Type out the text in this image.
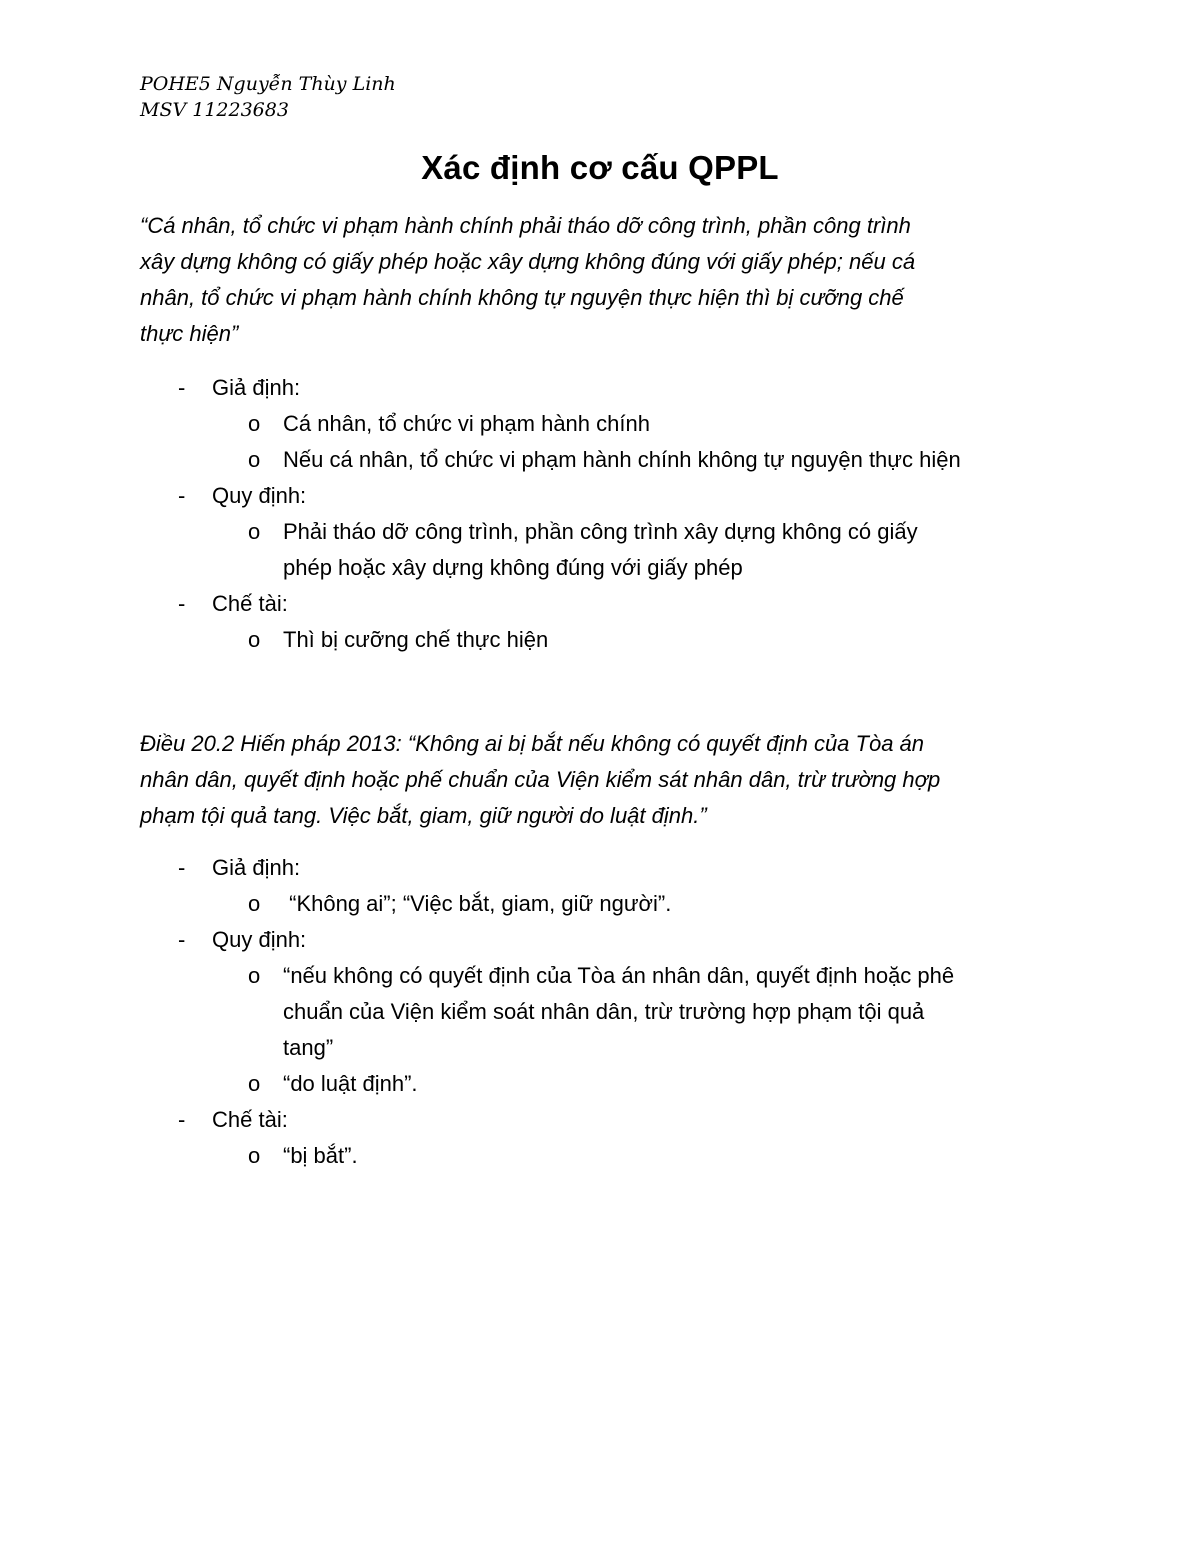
POHE5 Nguyễn Thùy Linh
MSV 11223683
Xác định cơ cấu QPPL

“Cá nhân, tổ chức vi phạm hành chính phải tháo dỡ công trình, phần công trình

xây dựng không có giấy phép hoặc xây dựng không đúng với giấy phép; nếu cá

nhân, tổ chức vi phạm hành chính không tự nguyện thực hiện thì bị cưỡng chế

thực hiện”

- Giả định:
o Cá nhân, tổ chức vi phạm hành chính
o Nếu cá nhân, tổ chức vi phạm hành chính không tự nguyện thực hiện
- Quy định:
o Phải tháo dỡ công trình, phần công trình xây dựng không có giấy
phép hoặc xây dựng không đúng với giấy phép
- Chế tài:
o Thì bị cưỡng chế thực hiện

Điều 20.2 Hiến pháp 2013: “Không ai bị bắt nếu không có quyết định của Tòa án

nhân dân, quyết định hoặc phế chuẩn của Viện kiểm sát nhân dân, trừ trường hợp

phạm tội quả tang. Việc bắt, giam, giữ người do luật định.”

- Giả định:
o “Không ai”; “Việc bắt, giam, giữ người”.
- Quy định:
o “nếu không có quyết định của Tòa án nhân dân, quyết định hoặc phê
chuẩn của Viện kiểm soát nhân dân, trừ trường hợp phạm tội quả
tang”
o “do luật định”.
- Chế tài:
o “bị bắt”.
